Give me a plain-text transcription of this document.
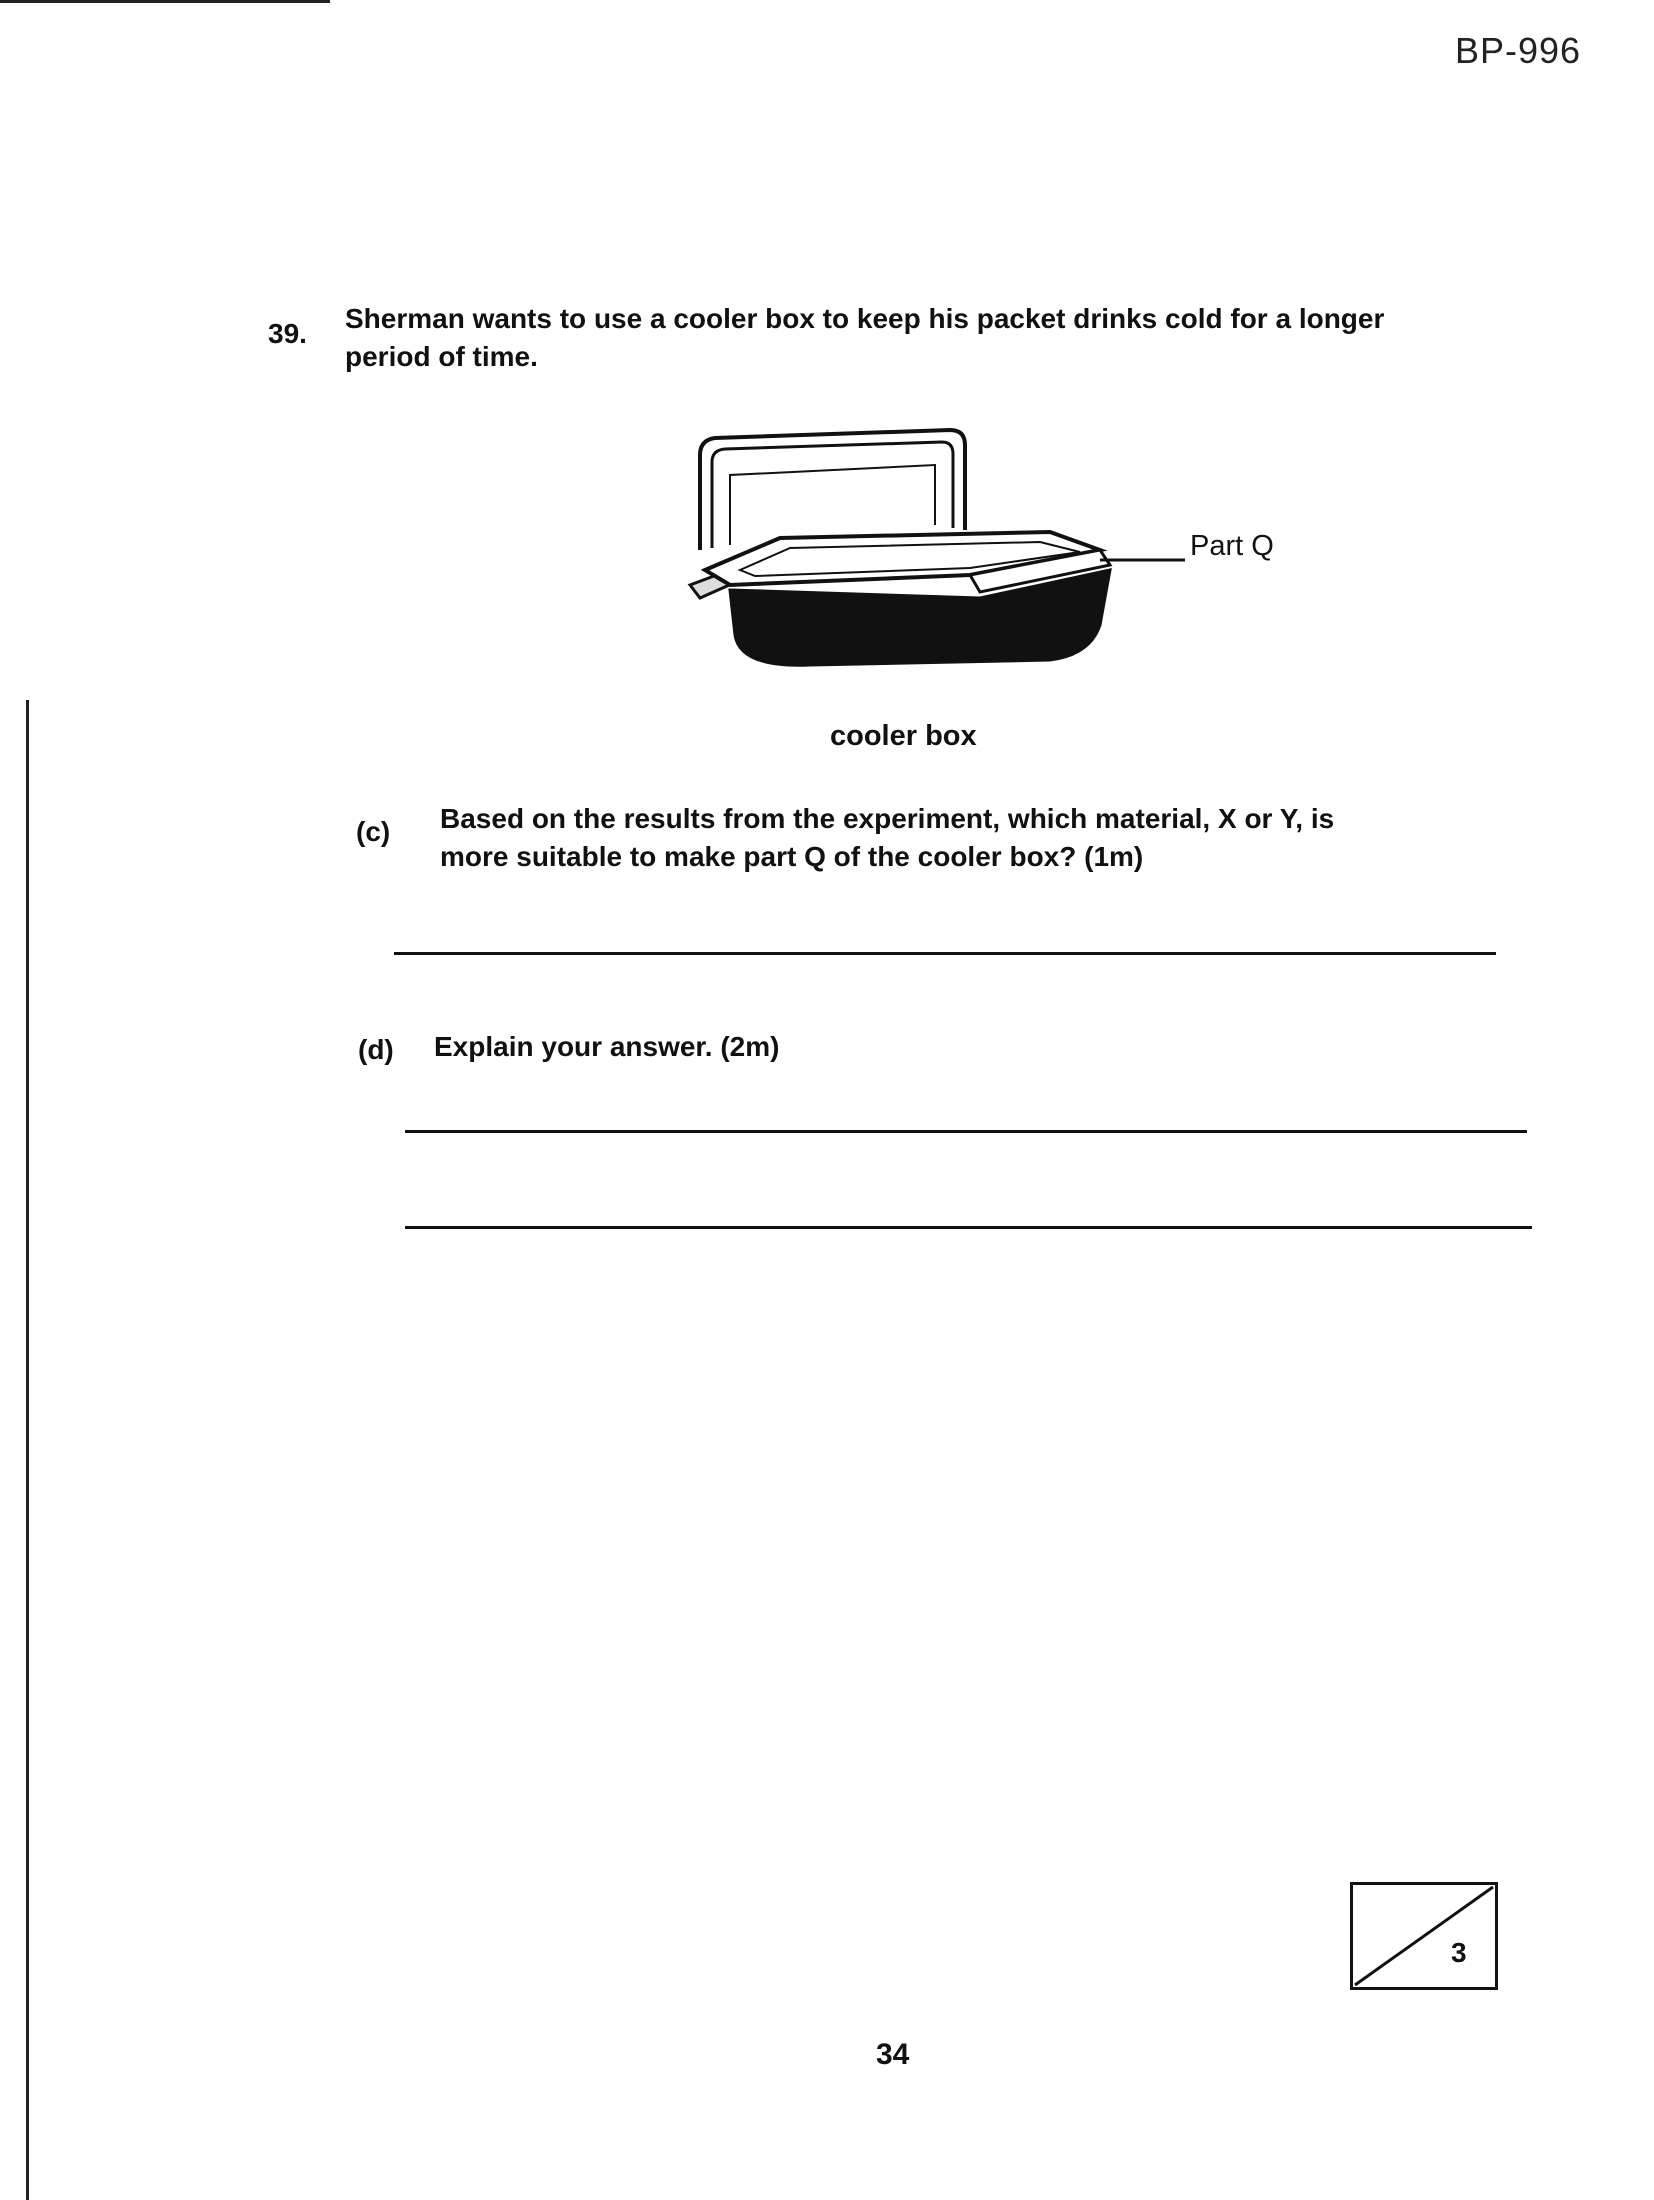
BP-996
39. Sherman wants to use a cooler box to keep his packet drinks cold for a longer period of time.
Part Q
cooler box
(c) Based on the results from the experiment, which material, X or Y, is more suitable to make part Q of the cooler box? (1m)
(d) Explain your answer. (2m)
3
34
